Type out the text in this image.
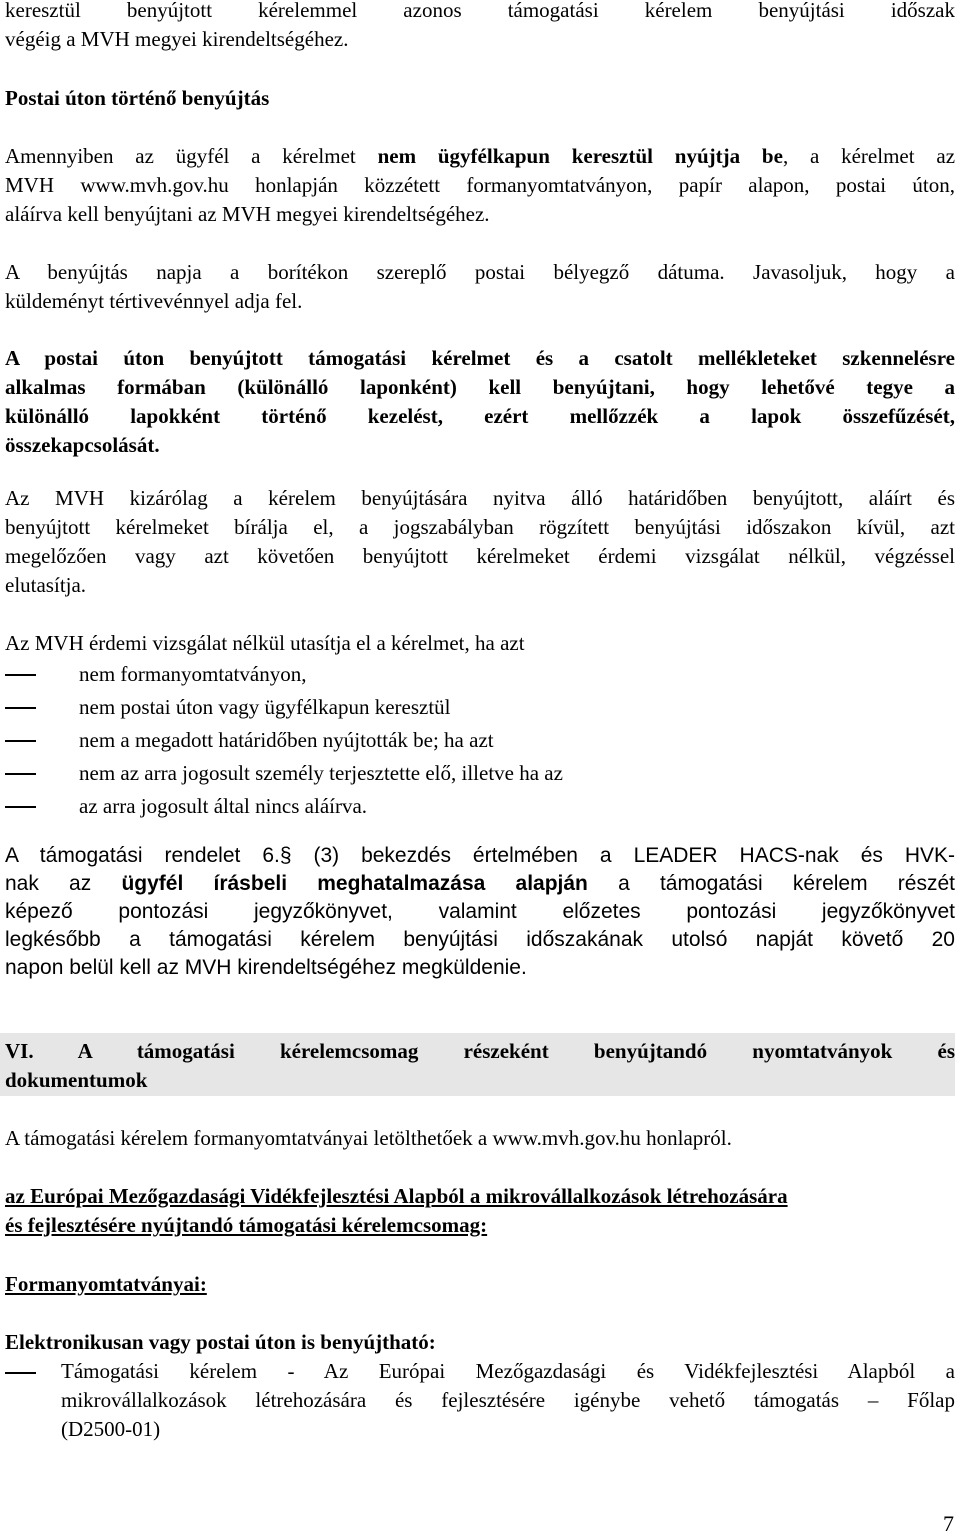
keresztül benyújtott kérelemmel azonos támogatási kérelem benyújtási időszak
végéig a MVH megyei kirendeltségéhez.
Postai úton történő benyújtás
Amennyiben az ügyfél a kérelmet nem ügyfélkapun keresztül nyújtja be, a kérelmet az
MVH www.mvh.gov.hu honlapján közzétett formanyomtatványon, papír alapon, postai úton,
aláírva kell benyújtani az MVH megyei kirendeltségéhez.
A benyújtás napja a borítékon szereplő postai bélyegző dátuma. Javasoljuk, hogy a
küldeményt tértivevénnyel adja fel.
A postai úton benyújtott támogatási kérelmet és a csatolt mellékleteket szkennelésre
alkalmas formában (különálló laponként) kell benyújtani, hogy lehetővé tegye a
különálló lapokként történő kezelést, ezért mellőzzék a lapok összefűzését,
összekapcsolását.
Az MVH kizárólag a kérelem benyújtására nyitva álló határidőben benyújtott, aláírt és
benyújtott kérelmeket bírálja el, a jogszabályban rögzített benyújtási időszakon kívül, azt
megelőzően vagy azt követően benyújtott kérelmeket érdemi vizsgálat nélkül, végzéssel
elutasítja.
Az MVH érdemi vizsgálat nélkül utasítja el a kérelmet, ha azt
nem formanyomtatványon,
nem postai úton vagy ügyfélkapun keresztül
nem a megadott határidőben nyújtották be; ha azt
nem az arra jogosult személy terjesztette elő, illetve ha az
az arra jogosult által nincs aláírva.
A támogatási rendelet 6.§ (3) bekezdés értelmében a LEADER HACS-nak és HVK-
nak az ügyfél írásbeli meghatalmazása alapján a támogatási kérelem részét
képező pontozási jegyzőkönyvet, valamint előzetes pontozási jegyzőkönyvet
legkésőbb a támogatási kérelem benyújtási időszakának utolsó napját követő 20
napon belül kell az MVH kirendeltségéhez megküldenie.
VI. A támogatási kérelemcsomag részeként benyújtandó nyomtatványok és
dokumentumok
A támogatási kérelem formanyomtatványai letölthetőek a www.mvh.gov.hu honlapról.
az Európai Mezőgazdasági Vidékfejlesztési Alapból a mikrovállalkozások létrehozására
és fejlesztésére nyújtandó támogatási kérelemcsomag:
Formanyomtatványai:
Elektronikusan vagy postai úton is benyújtható:
Támogatási kérelem - Az Európai Mezőgazdasági és Vidékfejlesztési Alapból a
mikrovállalkozások létrehozására és fejlesztésére igénybe vehető támogatás – Főlap
(D2500-01)
7
